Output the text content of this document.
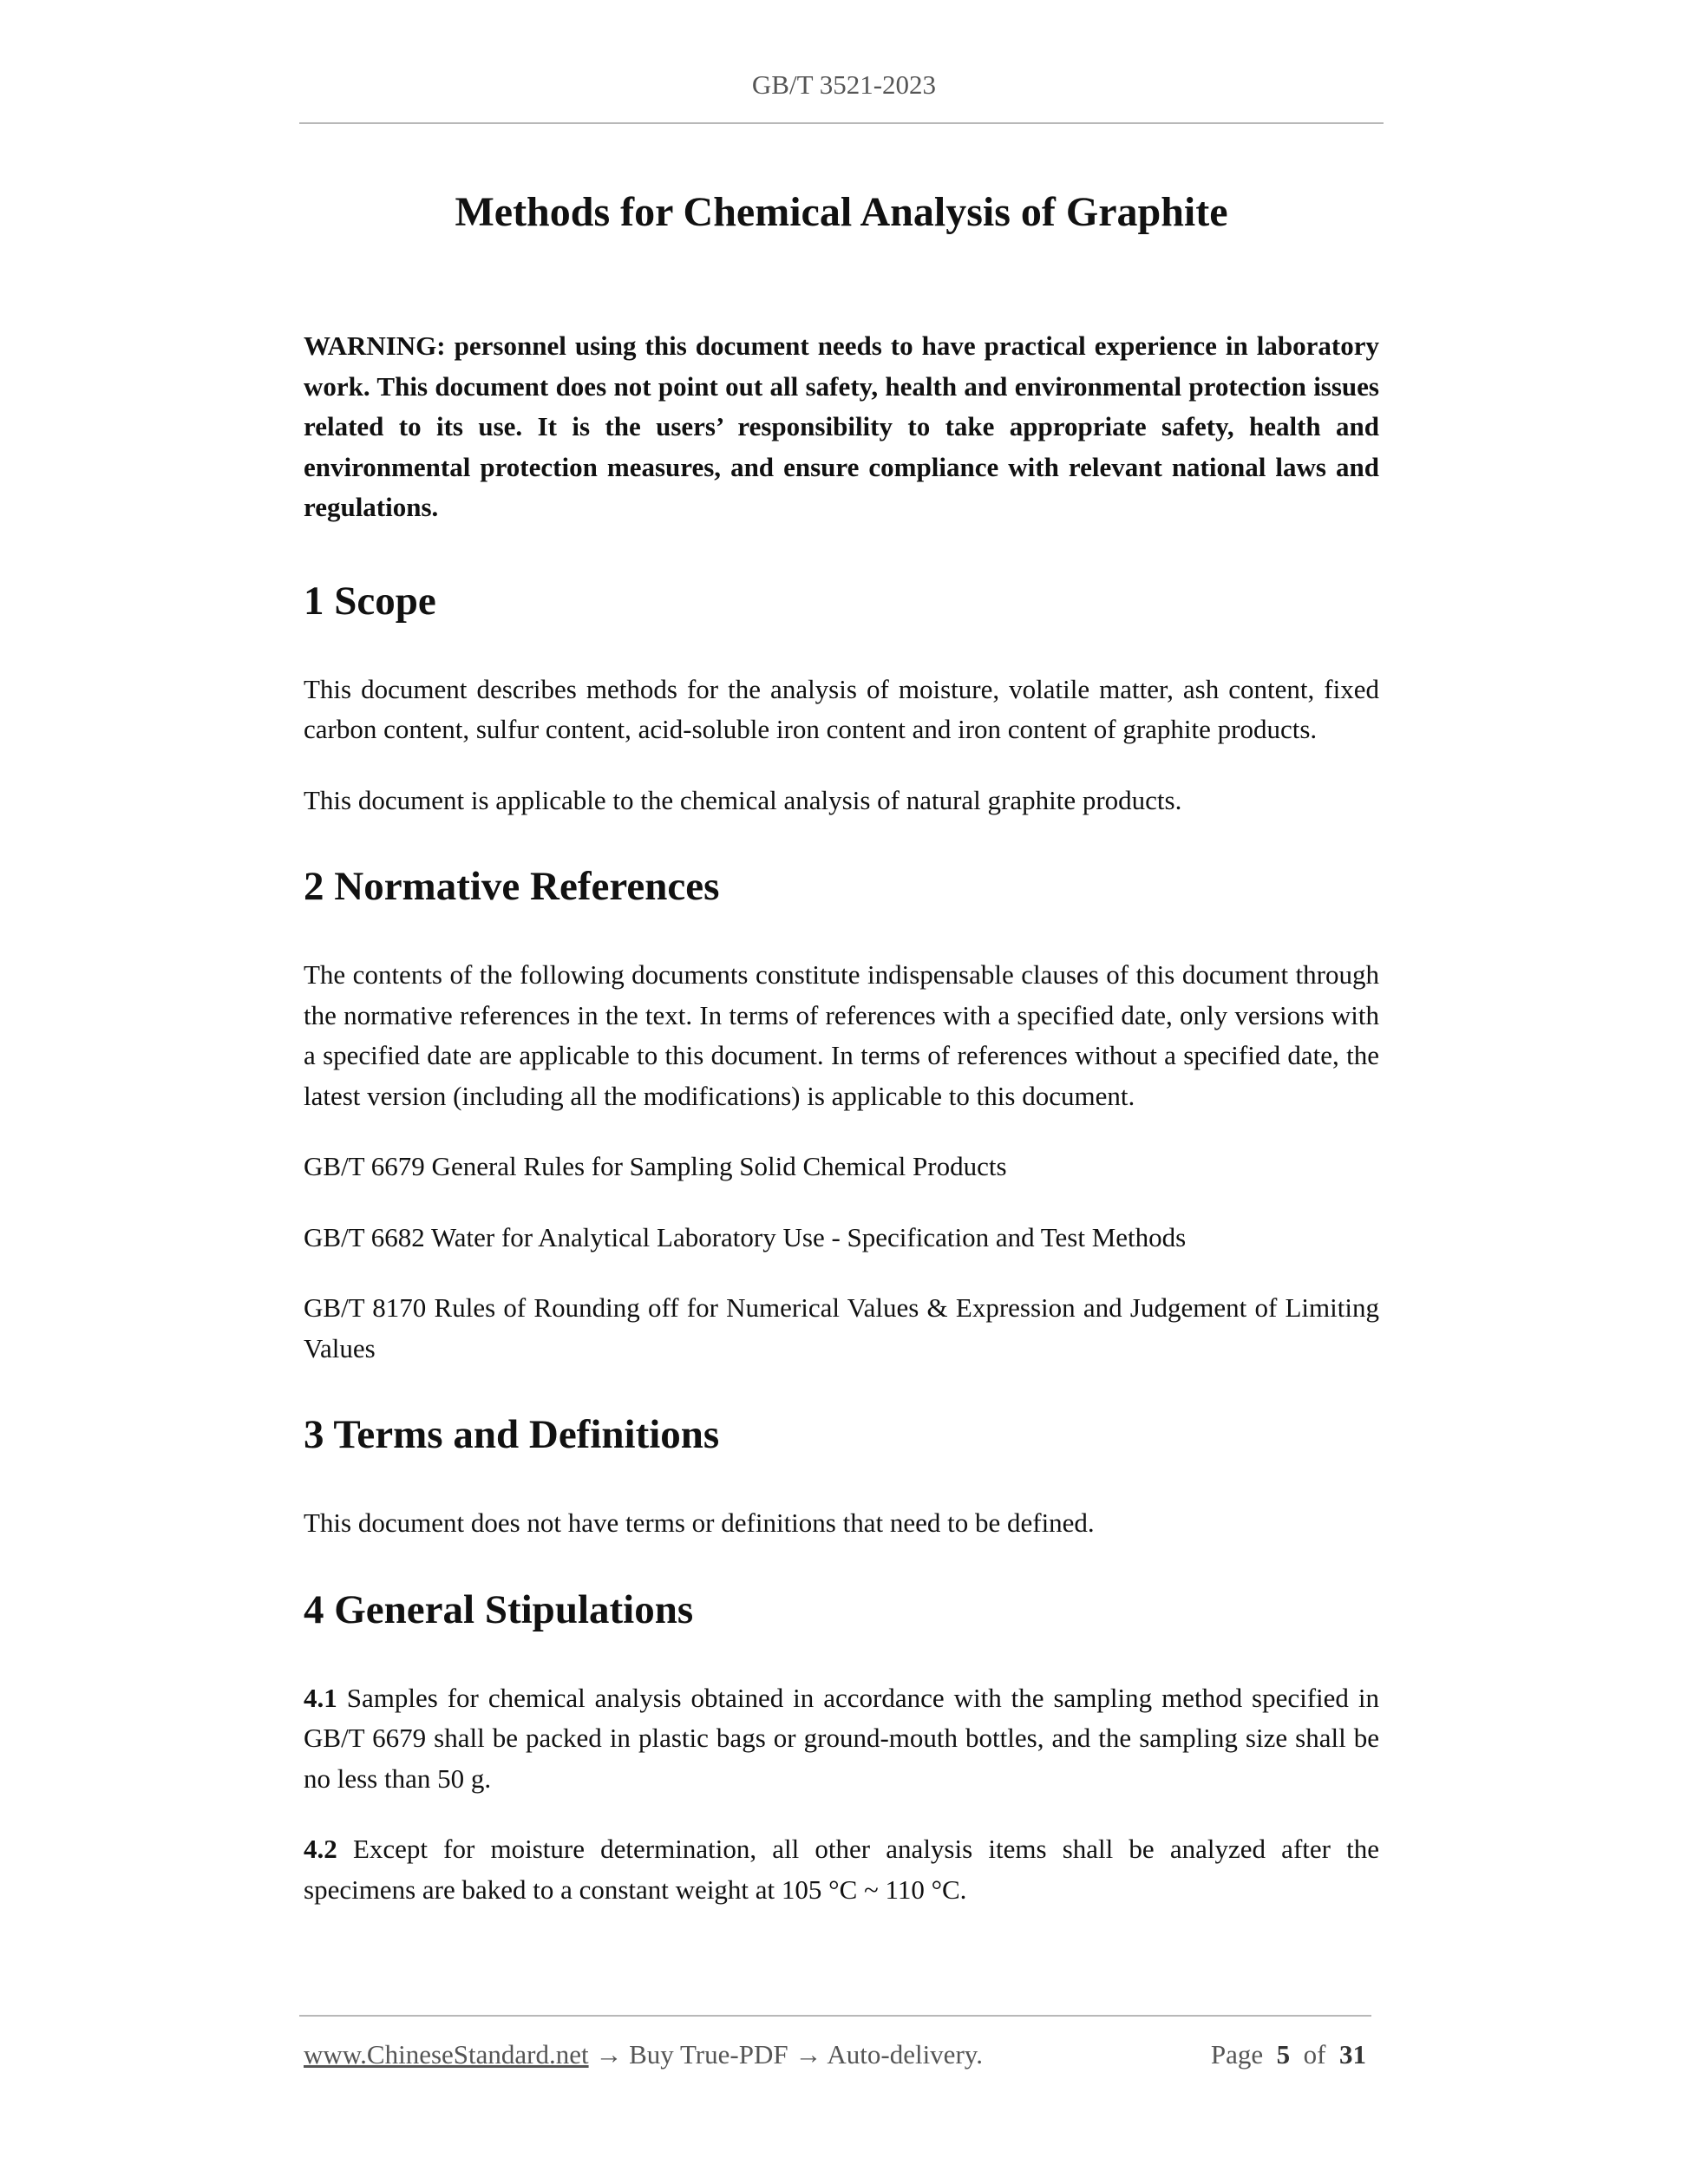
GB/T 3521-2023
Methods for Chemical Analysis of Graphite

WARNING: personnel using this document needs to have practical experience in laboratory work. This document does not point out all safety, health and environmental protection issues related to its use. It is the users’ responsibility to take appropriate safety, health and environmental protection measures, and ensure compliance with relevant national laws and regulations.

1 Scope

This document describes methods for the analysis of moisture, volatile matter, ash content, fixed carbon content, sulfur content, acid-soluble iron content and iron content of graphite products.

This document is applicable to the chemical analysis of natural graphite products.

2 Normative References

The contents of the following documents constitute indispensable clauses of this document through the normative references in the text. In terms of references with a specified date, only versions with a specified date are applicable to this document. In terms of references without a specified date, the latest version (including all the modifications) is applicable to this document.

GB/T 6679 General Rules for Sampling Solid Chemical Products

GB/T 6682 Water for Analytical Laboratory Use - Specification and Test Methods

GB/T 8170 Rules of Rounding off for Numerical Values & Expression and Judgement of Limiting Values

3 Terms and Definitions

This document does not have terms or definitions that need to be defined.

4 General Stipulations

4.1 Samples for chemical analysis obtained in accordance with the sampling method specified in GB/T 6679 shall be packed in plastic bags or ground-mouth bottles, and the sampling size shall be no less than 50 g.

4.2 Except for moisture determination, all other analysis items shall be analyzed after the specimens are baked to a constant weight at 105 °C ~ 110 °C.

www.ChineseStandard.net → Buy True-PDF → Auto-delivery.	Page 5 of 31
